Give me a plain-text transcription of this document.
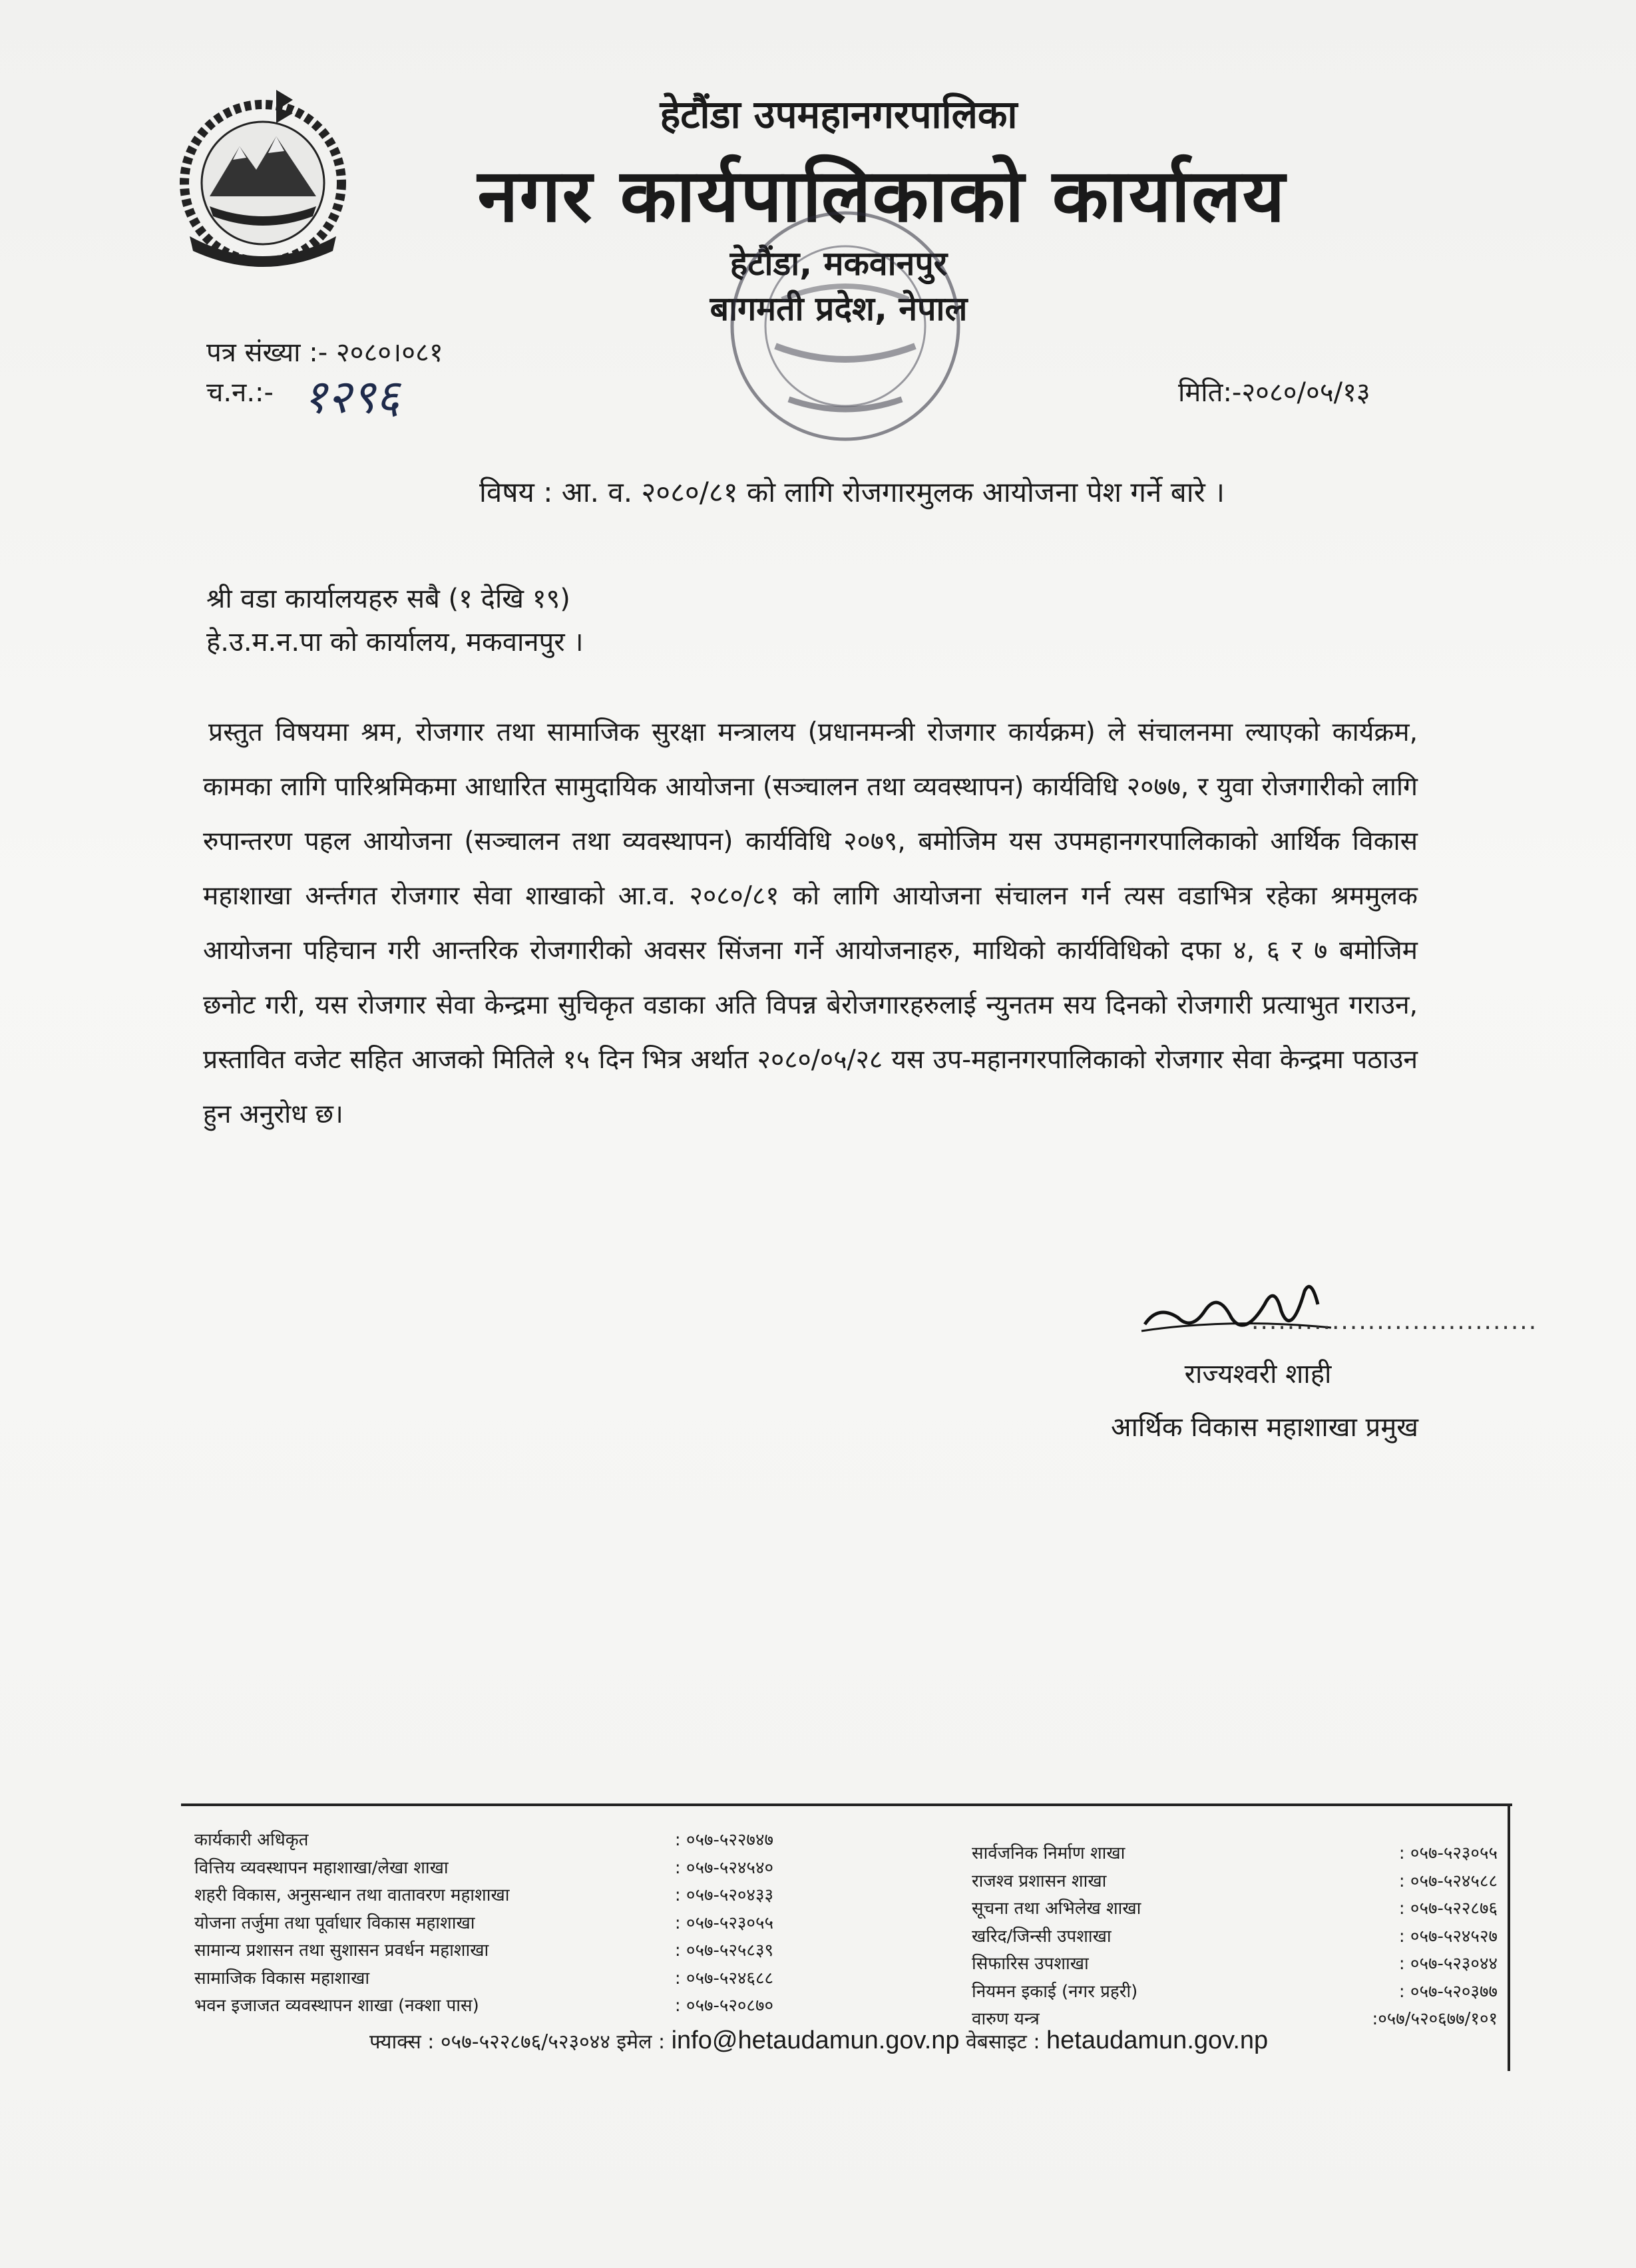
हेटौंडा उपमहानगरपालिका
नगर कार्यपालिकाको कार्यालय
हेटौंडा, मकवानपुर
बागमती प्रदेश, नेपाल
पत्र संख्या :- २०८०।०८१
च.न.:- १२९६	मिति:-२०८०/०५/१३
विषय : आ. व. २०८०/८१ को लागि रोजगारमुलक आयोजना पेश गर्ने बारे ।
श्री वडा कार्यालयहरु सबै (१ देखि १९)
हे.उ.म.न.पा को कार्यालय, मकवानपुर ।
प्रस्तुत विषयमा श्रम, रोजगार तथा सामाजिक सुरक्षा मन्त्रालय (प्रधानमन्त्री रोजगार कार्यक्रम) ले संचालनमा ल्याएको कार्यक्रम, कामका लागि पारिश्रमिकमा आधारित सामुदायिक आयोजना (सञ्चालन तथा व्यवस्थापन) कार्यविधि २०७७, र युवा रोजगारीको लागि रुपान्तरण पहल आयोजना (सञ्चालन तथा व्यवस्थापन) कार्यविधि २०७९, बमोजिम यस उपमहानगरपालिकाको आर्थिक विकास महाशाखा अर्न्तगत रोजगार सेवा शाखाको आ.व. २०८०/८१ को लागि आयोजना संचालन गर्न त्यस वडाभित्र रहेका श्रममुलक आयोजना पहिचान गरी आन्तरिक रोजगारीको अवसर सिंजना गर्ने आयोजनाहरु, माथिको कार्यविधिको दफा ४, ६ र ७ बमोजिम छनोट गरी, यस रोजगार सेवा केन्द्रमा सुचिकृत वडाका अति विपन्न बेरोजगारहरुलाई न्युनतम सय दिनको रोजगारी प्रत्याभुत गराउन, प्रस्तावित वजेट सहित आजको मितिले १५ दिन भित्र अर्थात २०८०/०५/२८ यस उप-महानगरपालिकाको रोजगार सेवा केन्द्रमा पठाउन हुन अनुरोध छ।
................................
राज्यश्वरी शाही
आर्थिक विकास महाशाखा प्रमुख
कार्यकारी अधिकृत	: ०५७-५२२७४७
वित्तिय व्यवस्थापन महाशाखा/लेखा शाखा	: ०५७-५२४५४०
शहरी विकास, अनुसन्धान तथा वातावरण महाशाखा	: ०५७-५२०४३३
योजना तर्जुमा तथा पूर्वाधार विकास महाशाखा	: ०५७-५२३०५५
सामान्य प्रशासन तथा सुशासन प्रवर्धन महाशाखा	: ०५७-५२५८३९
सामाजिक विकास महाशाखा	: ०५७-५२४६८८
भवन इजाजत व्यवस्थापन शाखा (नक्शा पास)	: ०५७-५२०८७०
सार्वजनिक निर्माण शाखा	: ०५७-५२३०५५
राजश्व प्रशासन शाखा	: ०५७-५२४५८८
सूचना तथा अभिलेख शाखा	: ०५७-५२२८७६
खरिद/जिन्सी उपशाखा	: ०५७-५२४५२७
सिफारिस उपशाखा	: ०५७-५२३०४४
नियमन इकाई (नगर प्रहरी)	: ०५७-५२०३७७
वारुण यन्त्र	:०५७/५२०६७७/१०१
फ्याक्स : ०५७-५२२८७६/५२३०४४ इमेल : info@hetaudamun.gov.np वेबसाइट : hetaudamun.gov.np
